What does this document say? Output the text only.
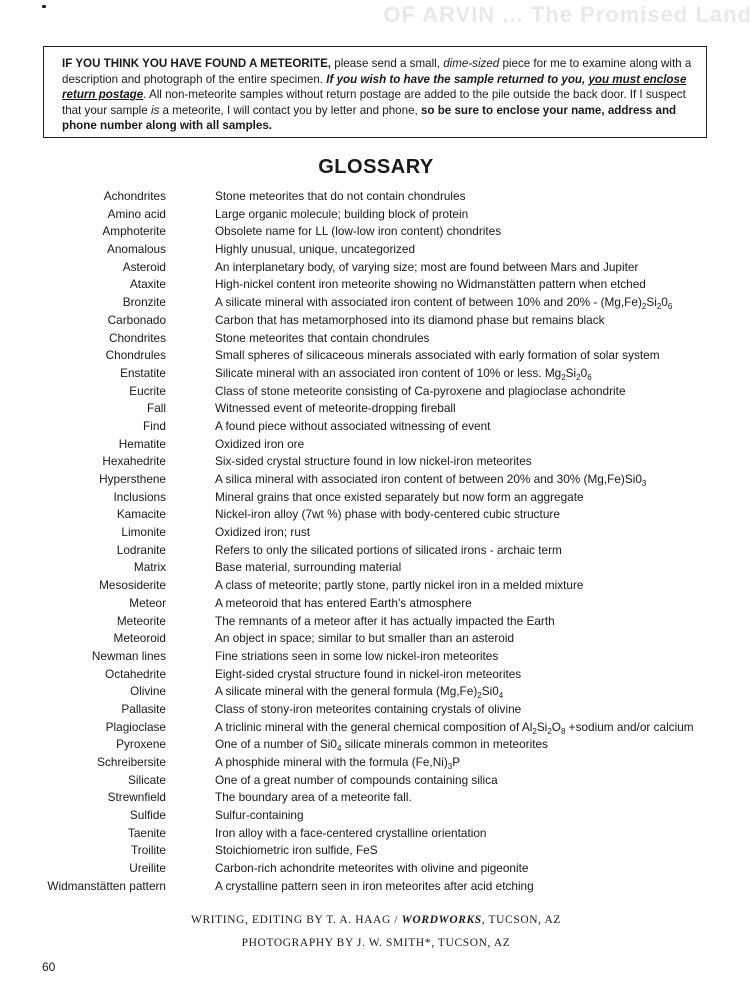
OF ARVIN ... The Promised Land
IF YOU THINK YOU HAVE FOUND A METEORITE, please send a small, dime-sized piece for me to examine along with a description and photograph of the entire specimen. If you wish to have the sample returned to you, you must enclose return postage. All non-meteorite samples without return postage are added to the pile outside the back door. If I suspect that your sample is a meteorite, I will contact you by letter and phone, so be sure to enclose your name, address and phone number along with all samples.
GLOSSARY
Achondrites	Stone meteorites that do not contain chondrules
Amino acid	Large organic molecule; building block of protein
Amphoterite	Obsolete name for LL (low-low iron content) chondrites
Anomalous	Highly unusual, unique, uncategorized
Asteroid	An interplanetary body, of varying size; most are found between Mars and Jupiter
Ataxite	High-nickel content iron meteorite showing no Widmanstätten pattern when etched
Bronzite	A silicate mineral with associated iron content of between 10% and $20\% - (Mg,Fe)_2Si_20_6$
Carbonado	Carbon that has metamorphosed into its diamond phase but remains black
Chondrites	Stone meteorites that contain chondrules
Chondrules	Small spheres of silicaceous minerals associated with early formation of solar system
Enstatite	Silicate mineral with an associated iron content of 10% or less. $Mg_2Si_20_6$
Eucrite	Class of stone meteorite consisting of Ca-pyroxene and plagioclase achondrite
Fall	Witnessed event of meteorite-dropping fireball
Find	A found piece without associated witnessing of event
Hematite	Oxidized iron ore
Hexahedrite	Six-sided crystal structure found in low nickel-iron meteorites
Hypersthene	A silica mineral with associated iron content of between 20% and 30% $(Mg,Fe)Si0_3$
Inclusions	Mineral grains that once existed separately but now form an aggregate
Kamacite	Nickel-iron alloy (7wt %) phase with body-centered cubic structure
Limonite	Oxidized iron; rust
Lodranite	Refers to only the silicated portions of silicated irons - archaic term
Matrix	Base material, surrounding material
Mesosiderite	A class of meteorite; partly stone, partly nickel iron in a melded mixture
Meteor	A meteoroid that has entered Earth's atmosphere
Meteorite	The remnants of a meteor after it has actually impacted the Earth
Meteoroid	An object in space; similar to but smaller than an asteroid
Newman lines	Fine striations seen in some low nickel-iron meteorites
Octahedrite	Eight-sided crystal structure found in nickel-iron meteorites
Olivine	A silicate mineral with the general formula $(Mg,Fe)_2Si0_4$
Pallasite	Class of stony-iron meteorites containing crystals of olivine
Plagioclase	A triclinic mineral with the general chemical composition of $Al_2Si_2O_8$ +sodium and/or calcium
Pyroxene	One of a number of $Si0_4$ silicate minerals common in meteorites
Schreibersite	A phosphide mineral with the formula $(Fe,Ni)_3P$
Silicate	One of a great number of compounds containing silica
Strewnfield	The boundary area of a meteorite fall.
Sulfide	Sulfur-containing
Taenite	Iron alloy with a face-centered crystalline orientation
Troilite	Stoichiometric iron sulfide, FeS
Ureilite	Carbon-rich achondrite meteorites with olivine and pigeonite
Widmanstätten pattern	A crystalline pattern seen in iron meteorites after acid etching
WRITING, EDITING BY T. A. HAAG / WORDWORKS, TUCSON, AZ
PHOTOGRAPHY BY J. W. SMITH*, TUCSON, AZ
60
